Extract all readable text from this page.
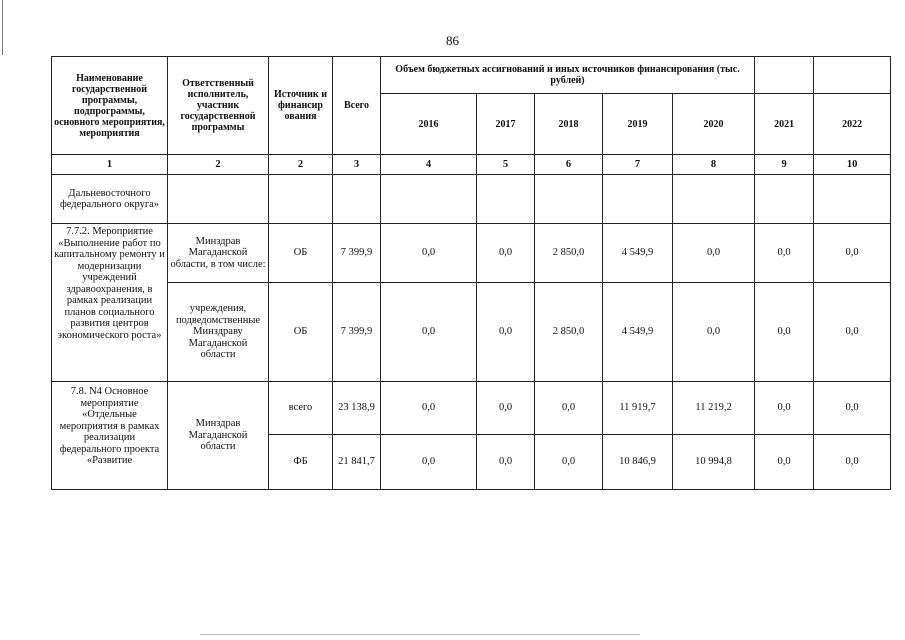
86
Наименование государственной программы, подпрограммы, основного мероприятия, мероприятия	Ответственный исполнитель, участник государственной программы	Источник и финансир ования	Всего	Объем бюджетных ассигнований и иных источников финансирования (тыс. рублей)						
				2016	2017	2018	2019	2020	2021	2022
1	2	2	3	4	5	6	7	8	9	10
Дальневосточного федерального округа»										
7.7.2. Мероприятие «Выполнение работ по капитальному ремонту и модернизации учреждений здравоохранения, в рамках реализации планов социального развития центров экономического роста»	Минздрав Магаданской области, в том числе:	ОБ	7 399,9	0,0	0,0	2 850,0	4 549,9	0,0	0,0	0,0
	учреждения, подведомственные Минздраву Магаданской области	ОБ	7 399,9	0,0	0,0	2 850,0	4 549,9	0,0	0,0	0,0
7.8. N4 Основное мероприятие «Отдельные мероприятия в рамках реализации федерального проекта «Развитие	Минздрав Магаданской области	всего	23 138,9	0,0	0,0	0,0	11 919,7	11 219,2	0,0	0,0
		ФБ	21 841,7	0,0	0,0	0,0	10 846,9	10 994,8	0,0	0,0
